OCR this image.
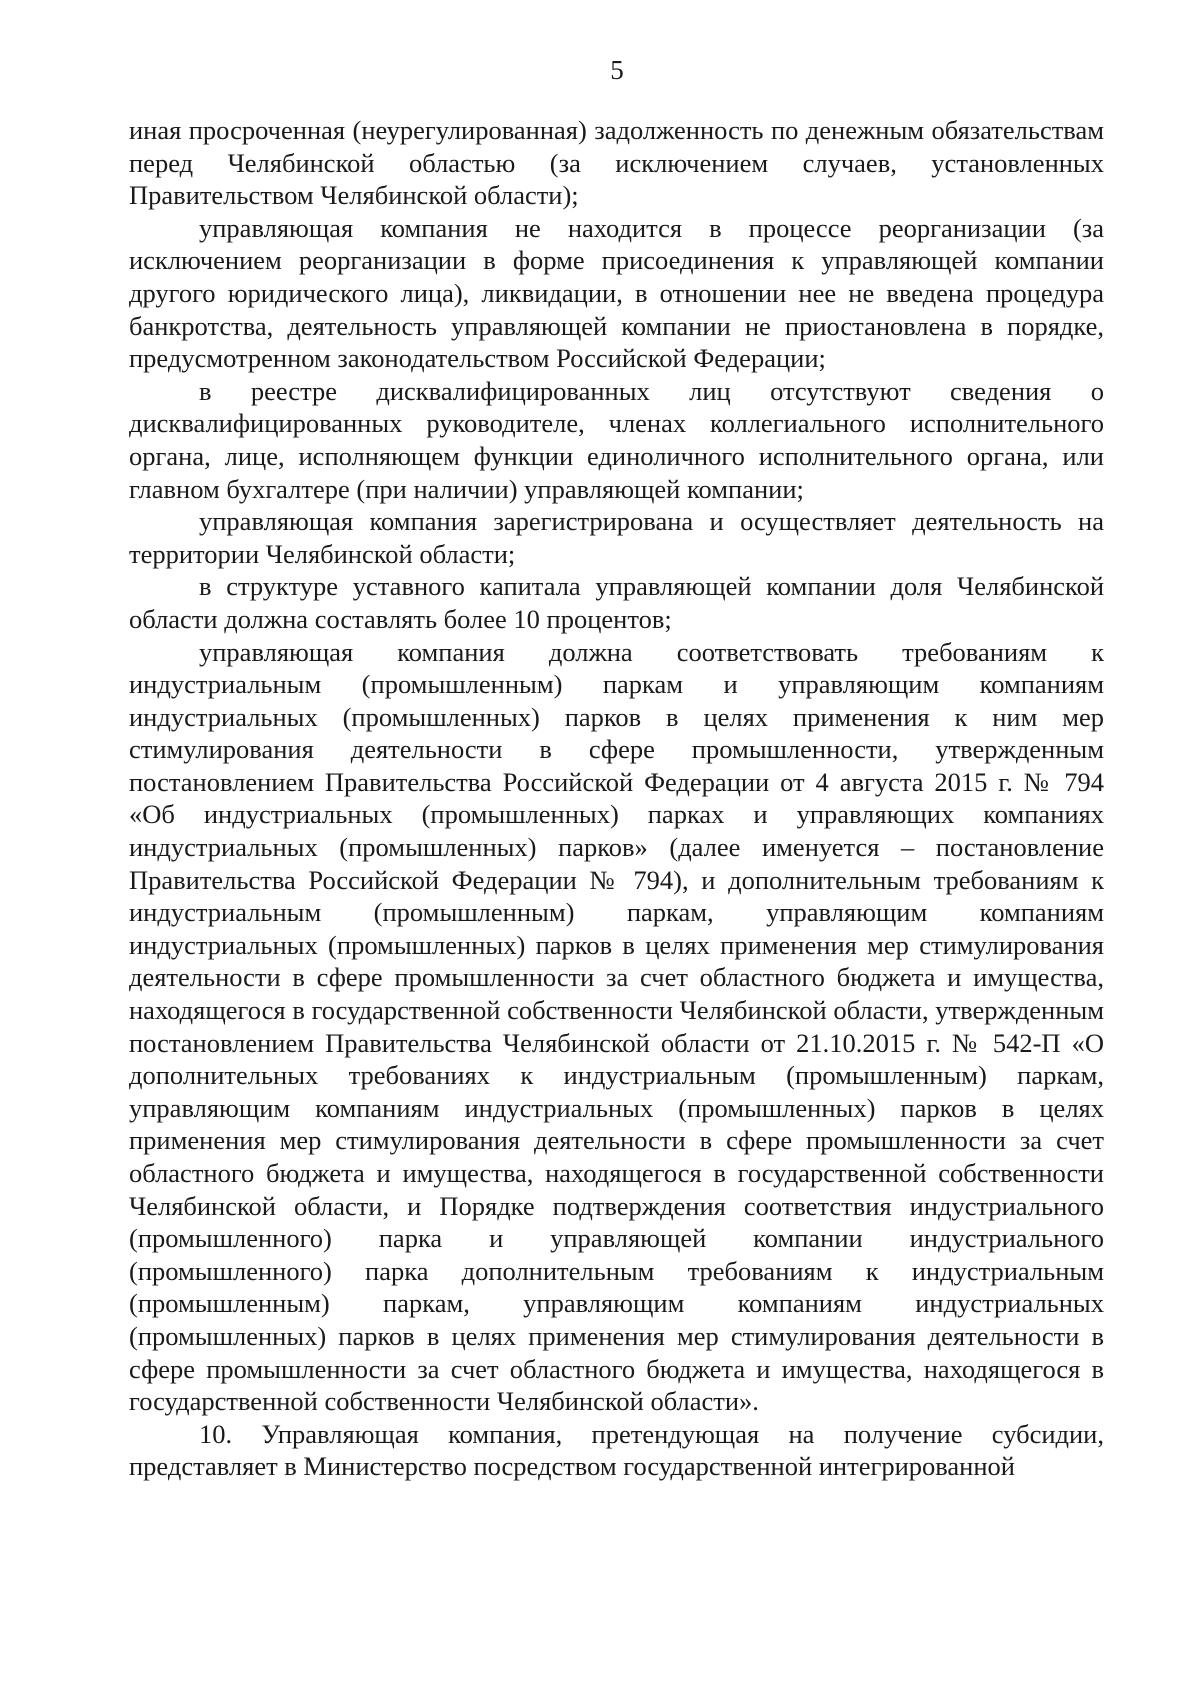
5

иная просроченная (неурегулированная) задолженность по денежным обязательствам перед Челябинской областью (за исключением случаев, установленных Правительством Челябинской области);

управляющая компания не находится в процессе реорганизации (за исключением реорганизации в форме присоединения к управляющей компании другого юридического лица), ликвидации, в отношении нее не введена процедура банкротства, деятельность управляющей компании не приостановлена в порядке, предусмотренном законодательством Российской Федерации;

в реестре дисквалифицированных лиц отсутствуют сведения о дисквалифицированных руководителе, членах коллегиального исполнительного органа, лице, исполняющем функции единоличного исполнительного органа, или главном бухгалтере (при наличии) управляющей компании;

управляющая компания зарегистрирована и осуществляет деятельность на территории Челябинской области;

в структуре уставного капитала управляющей компании доля Челябинской области должна составлять более 10 процентов;

управляющая компания должна соответствовать требованиям к индустриальным (промышленным) паркам и управляющим компаниям индустриальных (промышленных) парков в целях применения к ним мер стимулирования деятельности в сфере промышленности, утвержденным постановлением Правительства Российской Федерации от 4 августа 2015 г. № 794 «Об индустриальных (промышленных) парках и управляющих компаниях индустриальных (промышленных) парков» (далее именуется – постановление Правительства Российской Федерации № 794), и дополнительным требованиям к индустриальным (промышленным) паркам, управляющим компаниям индустриальных (промышленных) парков в целях применения мер стимулирования деятельности в сфере промышленности за счет областного бюджета и имущества, находящегося в государственной собственности Челябинской области, утвержденным постановлением Правительства Челябинской области от 21.10.2015 г. № 542-П «О дополнительных требованиях к индустриальным (промышленным) паркам, управляющим компаниям индустриальных (промышленных) парков в целях применения мер стимулирования деятельности в сфере промышленности за счет областного бюджета и имущества, находящегося в государственной собственности Челябинской области, и Порядке подтверждения соответствия индустриального (промышленного) парка и управляющей компании индустриального (промышленного) парка дополнительным требованиям к индустриальным (промышленным) паркам, управляющим компаниям индустриальных (промышленных) парков в целях применения мер стимулирования деятельности в сфере промышленности за счет областного бюджета и имущества, находящегося в государственной собственности Челябинской области».

10. Управляющая компания, претендующая на получение субсидии, представляет в Министерство посредством государственной интегрированной
